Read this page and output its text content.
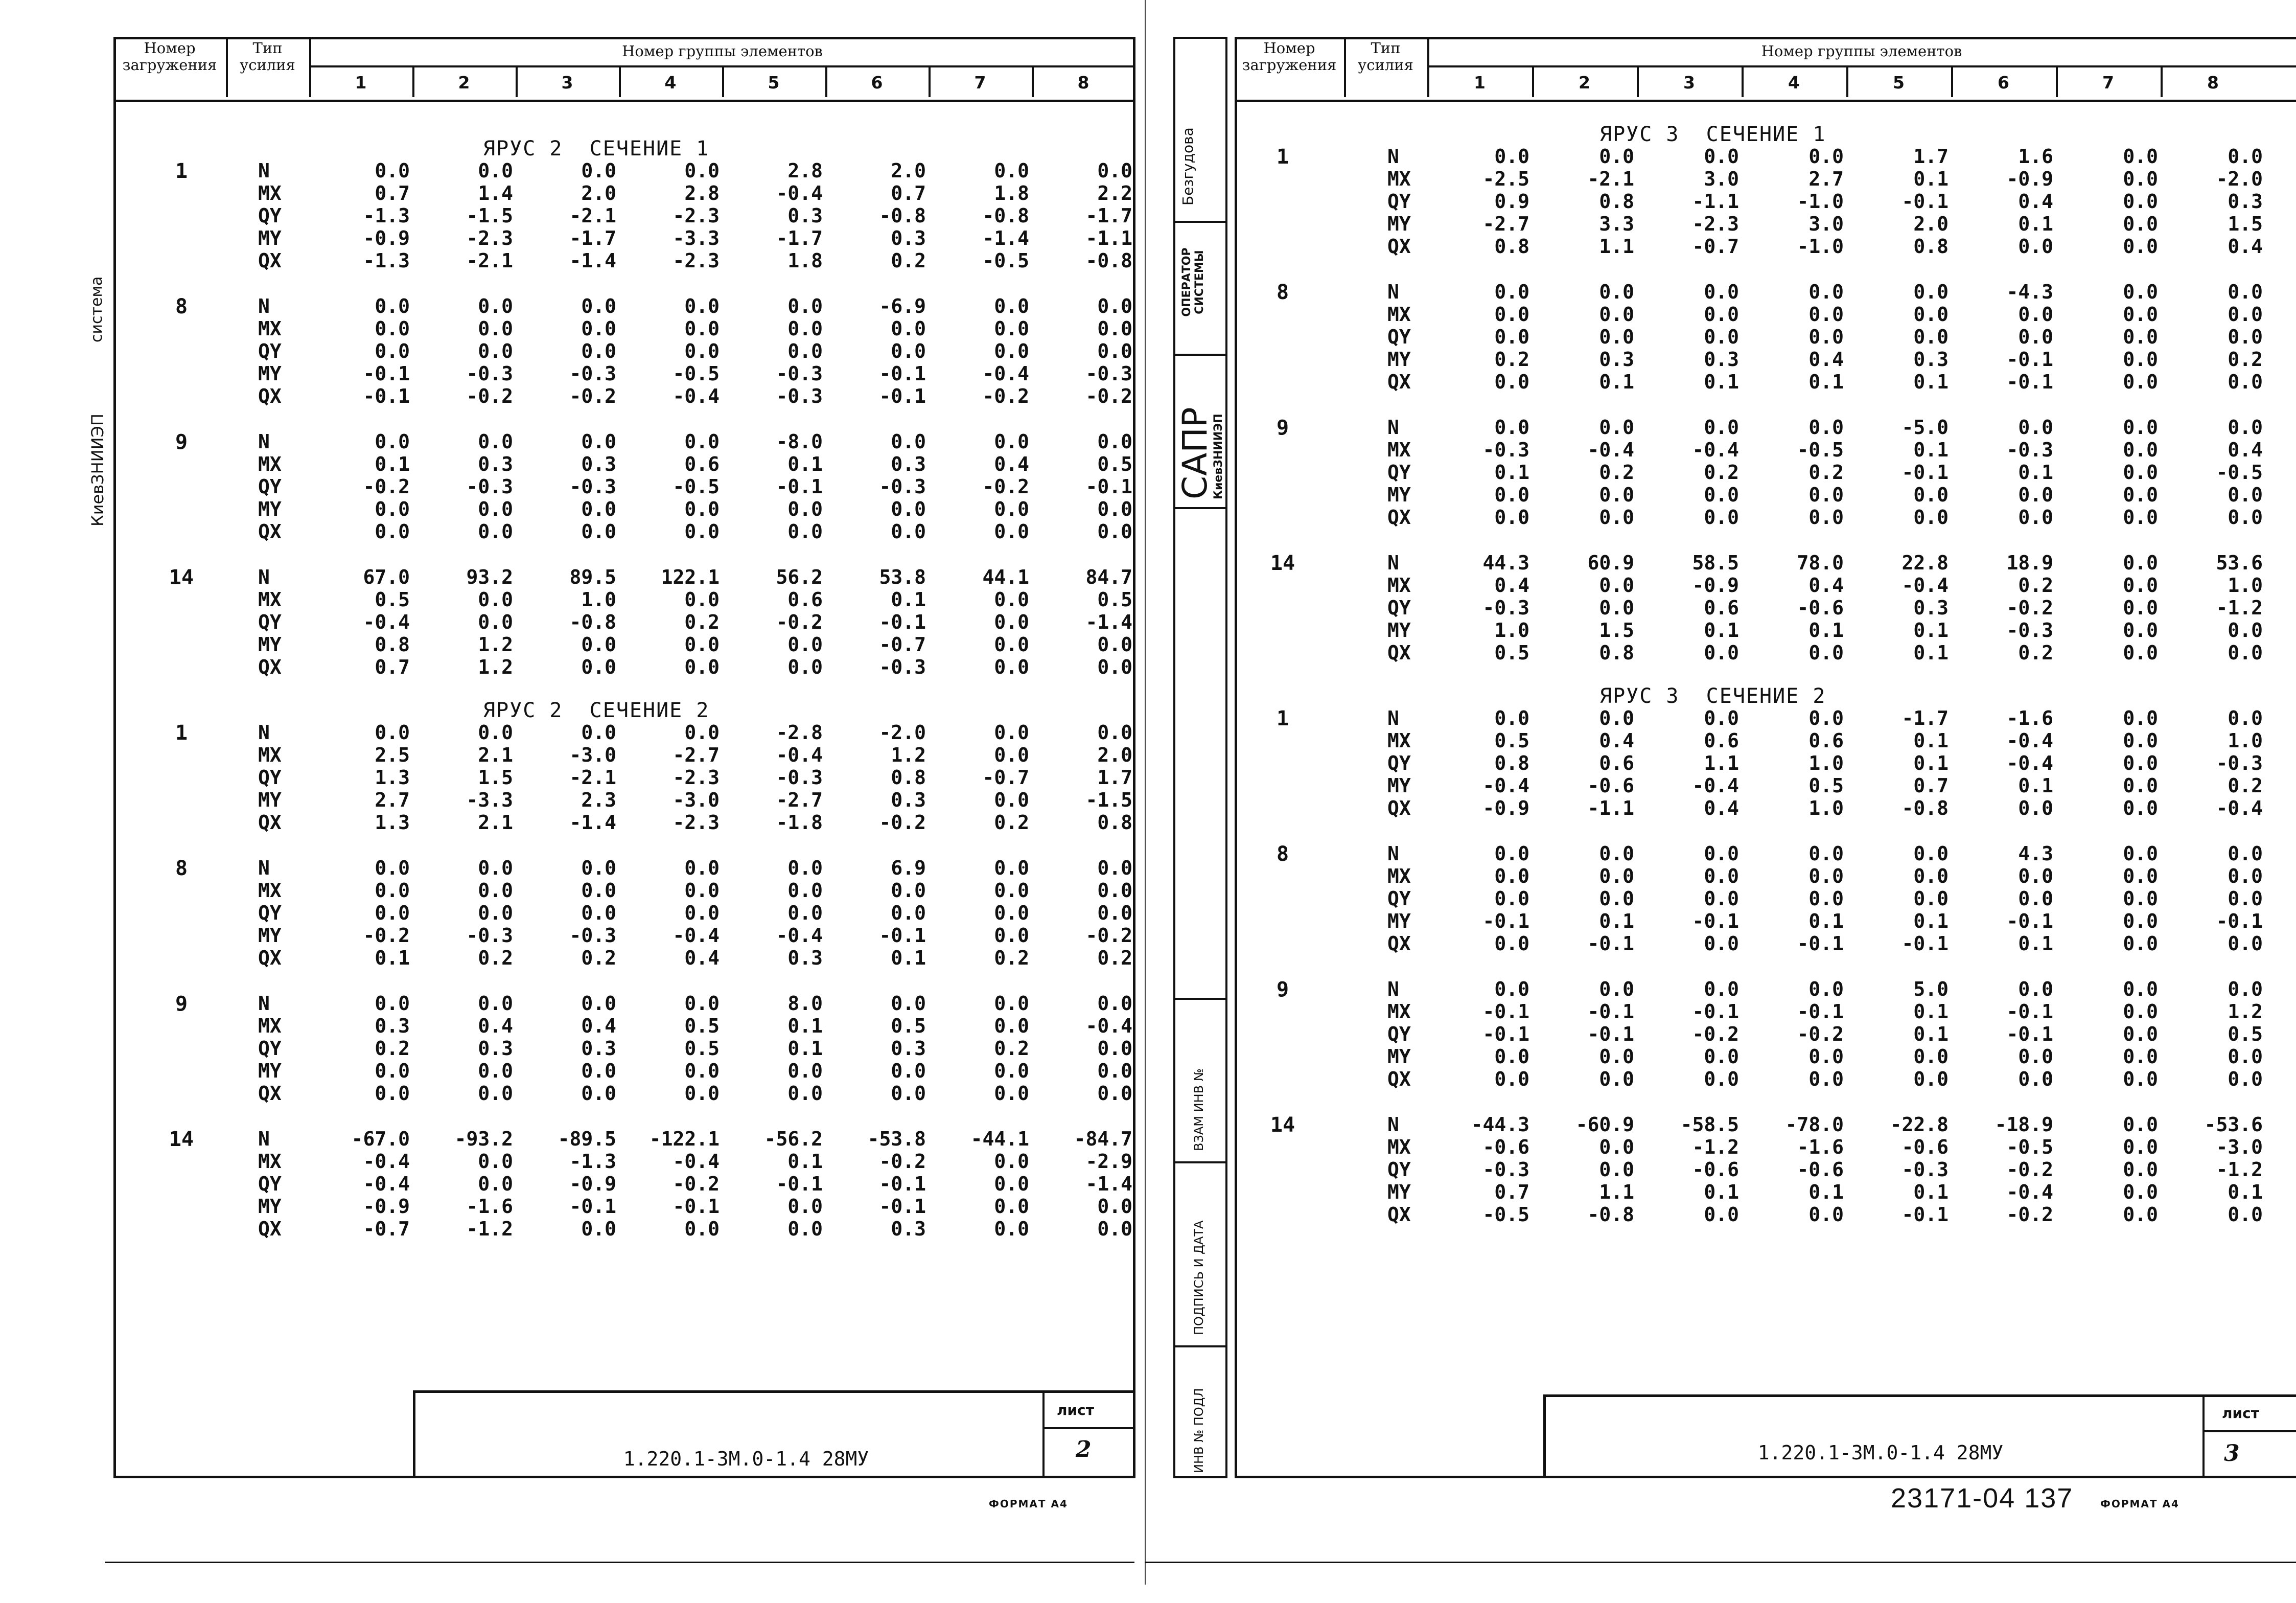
система
КиевЗНИИЭП
Номер загружения
Тип усилия
Номер группы элементов
1	2	3	4	5	6	7	8
ЯРУС 2  СЕЧЕНИЕ 1
1	N	0.0	0.0	0.0	0.0	2.8	2.0	0.0	0.0
MX	0.7	1.4	2.0	2.8	-0.4	0.7	1.8	2.2
QY	-1.3	-1.5	-2.1	-2.3	0.3	-0.8	-0.8	-1.7
MY	-0.9	-2.3	-1.7	-3.3	-1.7	0.3	-1.4	-1.1
QX	-1.3	-2.1	-1.4	-2.3	1.8	0.2	-0.5	-0.8
8	N	0.0	0.0	0.0	0.0	0.0	-6.9	0.0	0.0
MX	0.0	0.0	0.0	0.0	0.0	0.0	0.0	0.0
QY	0.0	0.0	0.0	0.0	0.0	0.0	0.0	0.0
MY	-0.1	-0.3	-0.3	-0.5	-0.3	-0.1	-0.4	-0.3
QX	-0.1	-0.2	-0.2	-0.4	-0.3	-0.1	-0.2	-0.2
9	N	0.0	0.0	0.0	0.0	-8.0	0.0	0.0	0.0
MX	0.1	0.3	0.3	0.6	0.1	0.3	0.4	0.5
QY	-0.2	-0.3	-0.3	-0.5	-0.1	-0.3	-0.2	-0.1
MY	0.0	0.0	0.0	0.0	0.0	0.0	0.0	0.0
QX	0.0	0.0	0.0	0.0	0.0	0.0	0.0	0.0
14	N	67.0	93.2	89.5	122.1	56.2	53.8	44.1	84.7
MX	0.5	0.0	1.0	0.0	0.6	0.1	0.0	0.5
QY	-0.4	0.0	-0.8	0.2	-0.2	-0.1	0.0	-1.4
MY	0.8	1.2	0.0	0.0	0.0	-0.7	0.0	0.0
QX	0.7	1.2	0.0	0.0	0.0	-0.3	0.0	0.0
ЯРУС 2  СЕЧЕНИЕ 2
1	N	0.0	0.0	0.0	0.0	-2.8	-2.0	0.0	0.0
MX	2.5	2.1	-3.0	-2.7	-0.4	1.2	0.0	2.0
QY	1.3	1.5	-2.1	-2.3	-0.3	0.8	-0.7	1.7
MY	2.7	-3.3	2.3	-3.0	-2.7	0.3	0.0	-1.5
QX	1.3	2.1	-1.4	-2.3	-1.8	-0.2	0.2	0.8
8	N	0.0	0.0	0.0	0.0	0.0	6.9	0.0	0.0
MX	0.0	0.0	0.0	0.0	0.0	0.0	0.0	0.0
QY	0.0	0.0	0.0	0.0	0.0	0.0	0.0	0.0
MY	-0.2	-0.3	-0.3	-0.4	-0.4	-0.1	0.0	-0.2
QX	0.1	0.2	0.2	0.4	0.3	0.1	0.2	0.2
9	N	0.0	0.0	0.0	0.0	8.0	0.0	0.0	0.0
MX	0.3	0.4	0.4	0.5	0.1	0.5	0.0	-0.4
QY	0.2	0.3	0.3	0.5	0.1	0.3	0.2	0.0
MY	0.0	0.0	0.0	0.0	0.0	0.0	0.0	0.0
QX	0.0	0.0	0.0	0.0	0.0	0.0	0.0	0.0
14	N	-67.0	-93.2	-89.5	-122.1	-56.2	-53.8	-44.1	-84.7
MX	-0.4	0.0	-1.3	-0.4	0.1	-0.2	0.0	-2.9
QY	-0.4	0.0	-0.9	-0.2	-0.1	-0.1	0.0	-1.4
MY	-0.9	-1.6	-0.1	-0.1	0.0	-0.1	0.0	0.0
QX	-0.7	-1.2	0.0	0.0	0.0	0.3	0.0	0.0
1.220.1-3М.0-1.4 28МУ
лист
2
ФОРМАТ А4
Безгудова
ОПЕРАТОР СИСТЕМЫ
САПР
КиевЗНИИЭП
ВЗАМ ИНВ №
ПОДПИСЬ И ДАТА
ИНВ № ПОДЛ
Номер загружения
Тип усилия
Номер группы элементов
1	2	3	4	5	6	7	8
ЯРУС 3  СЕЧЕНИЕ 1
1	N	0.0	0.0	0.0	0.0	1.7	1.6	0.0	0.0
MX	-2.5	-2.1	3.0	2.7	0.1	-0.9	0.0	-2.0
QY	0.9	0.8	-1.1	-1.0	-0.1	0.4	0.0	0.3
MY	-2.7	3.3	-2.3	3.0	2.0	0.1	0.0	1.5
QX	0.8	1.1	-0.7	-1.0	0.8	0.0	0.0	0.4
8	N	0.0	0.0	0.0	0.0	0.0	-4.3	0.0	0.0
MX	0.0	0.0	0.0	0.0	0.0	0.0	0.0	0.0
QY	0.0	0.0	0.0	0.0	0.0	0.0	0.0	0.0
MY	0.2	0.3	0.3	0.4	0.3	-0.1	0.0	0.2
QX	0.0	0.1	0.1	0.1	0.1	-0.1	0.0	0.0
9	N	0.0	0.0	0.0	0.0	-5.0	0.0	0.0	0.0
MX	-0.3	-0.4	-0.4	-0.5	0.1	-0.3	0.0	0.4
QY	0.1	0.2	0.2	0.2	-0.1	0.1	0.0	-0.5
MY	0.0	0.0	0.0	0.0	0.0	0.0	0.0	0.0
QX	0.0	0.0	0.0	0.0	0.0	0.0	0.0	0.0
14	N	44.3	60.9	58.5	78.0	22.8	18.9	0.0	53.6
MX	0.4	0.0	-0.9	0.4	-0.4	0.2	0.0	1.0
QY	-0.3	0.0	0.6	-0.6	0.3	-0.2	0.0	-1.2
MY	1.0	1.5	0.1	0.1	0.1	-0.3	0.0	0.0
QX	0.5	0.8	0.0	0.0	0.1	0.2	0.0	0.0
ЯРУС 3  СЕЧЕНИЕ 2
1	N	0.0	0.0	0.0	0.0	-1.7	-1.6	0.0	0.0
MX	0.5	0.4	0.6	0.6	0.1	-0.4	0.0	1.0
QY	0.8	0.6	1.1	1.0	0.1	-0.4	0.0	-0.3
MY	-0.4	-0.6	-0.4	0.5	0.7	0.1	0.0	0.2
QX	-0.9	-1.1	0.4	1.0	-0.8	0.0	0.0	-0.4
8	N	0.0	0.0	0.0	0.0	0.0	4.3	0.0	0.0
MX	0.0	0.0	0.0	0.0	0.0	0.0	0.0	0.0
QY	0.0	0.0	0.0	0.0	0.0	0.0	0.0	0.0
MY	-0.1	0.1	-0.1	0.1	0.1	-0.1	0.0	-0.1
QX	0.0	-0.1	0.0	-0.1	-0.1	0.1	0.0	0.0
9	N	0.0	0.0	0.0	0.0	5.0	0.0	0.0	0.0
MX	-0.1	-0.1	-0.1	-0.1	0.1	-0.1	0.0	1.2
QY	-0.1	-0.1	-0.2	-0.2	0.1	-0.1	0.0	0.5
MY	0.0	0.0	0.0	0.0	0.0	0.0	0.0	0.0
QX	0.0	0.0	0.0	0.0	0.0	0.0	0.0	0.0
14	N	-44.3	-60.9	-58.5	-78.0	-22.8	-18.9	0.0	-53.6
MX	-0.6	0.0	-1.2	-1.6	-0.6	-0.5	0.0	-3.0
QY	-0.3	0.0	-0.6	-0.6	-0.3	-0.2	0.0	-1.2
MY	0.7	1.1	0.1	0.1	0.1	-0.4	0.0	0.1
QX	-0.5	-0.8	0.0	0.0	-0.1	-0.2	0.0	0.0
1.220.1-3М.0-1.4 28МУ
лист
3
23171-04 137	ФОРМАТ А4
